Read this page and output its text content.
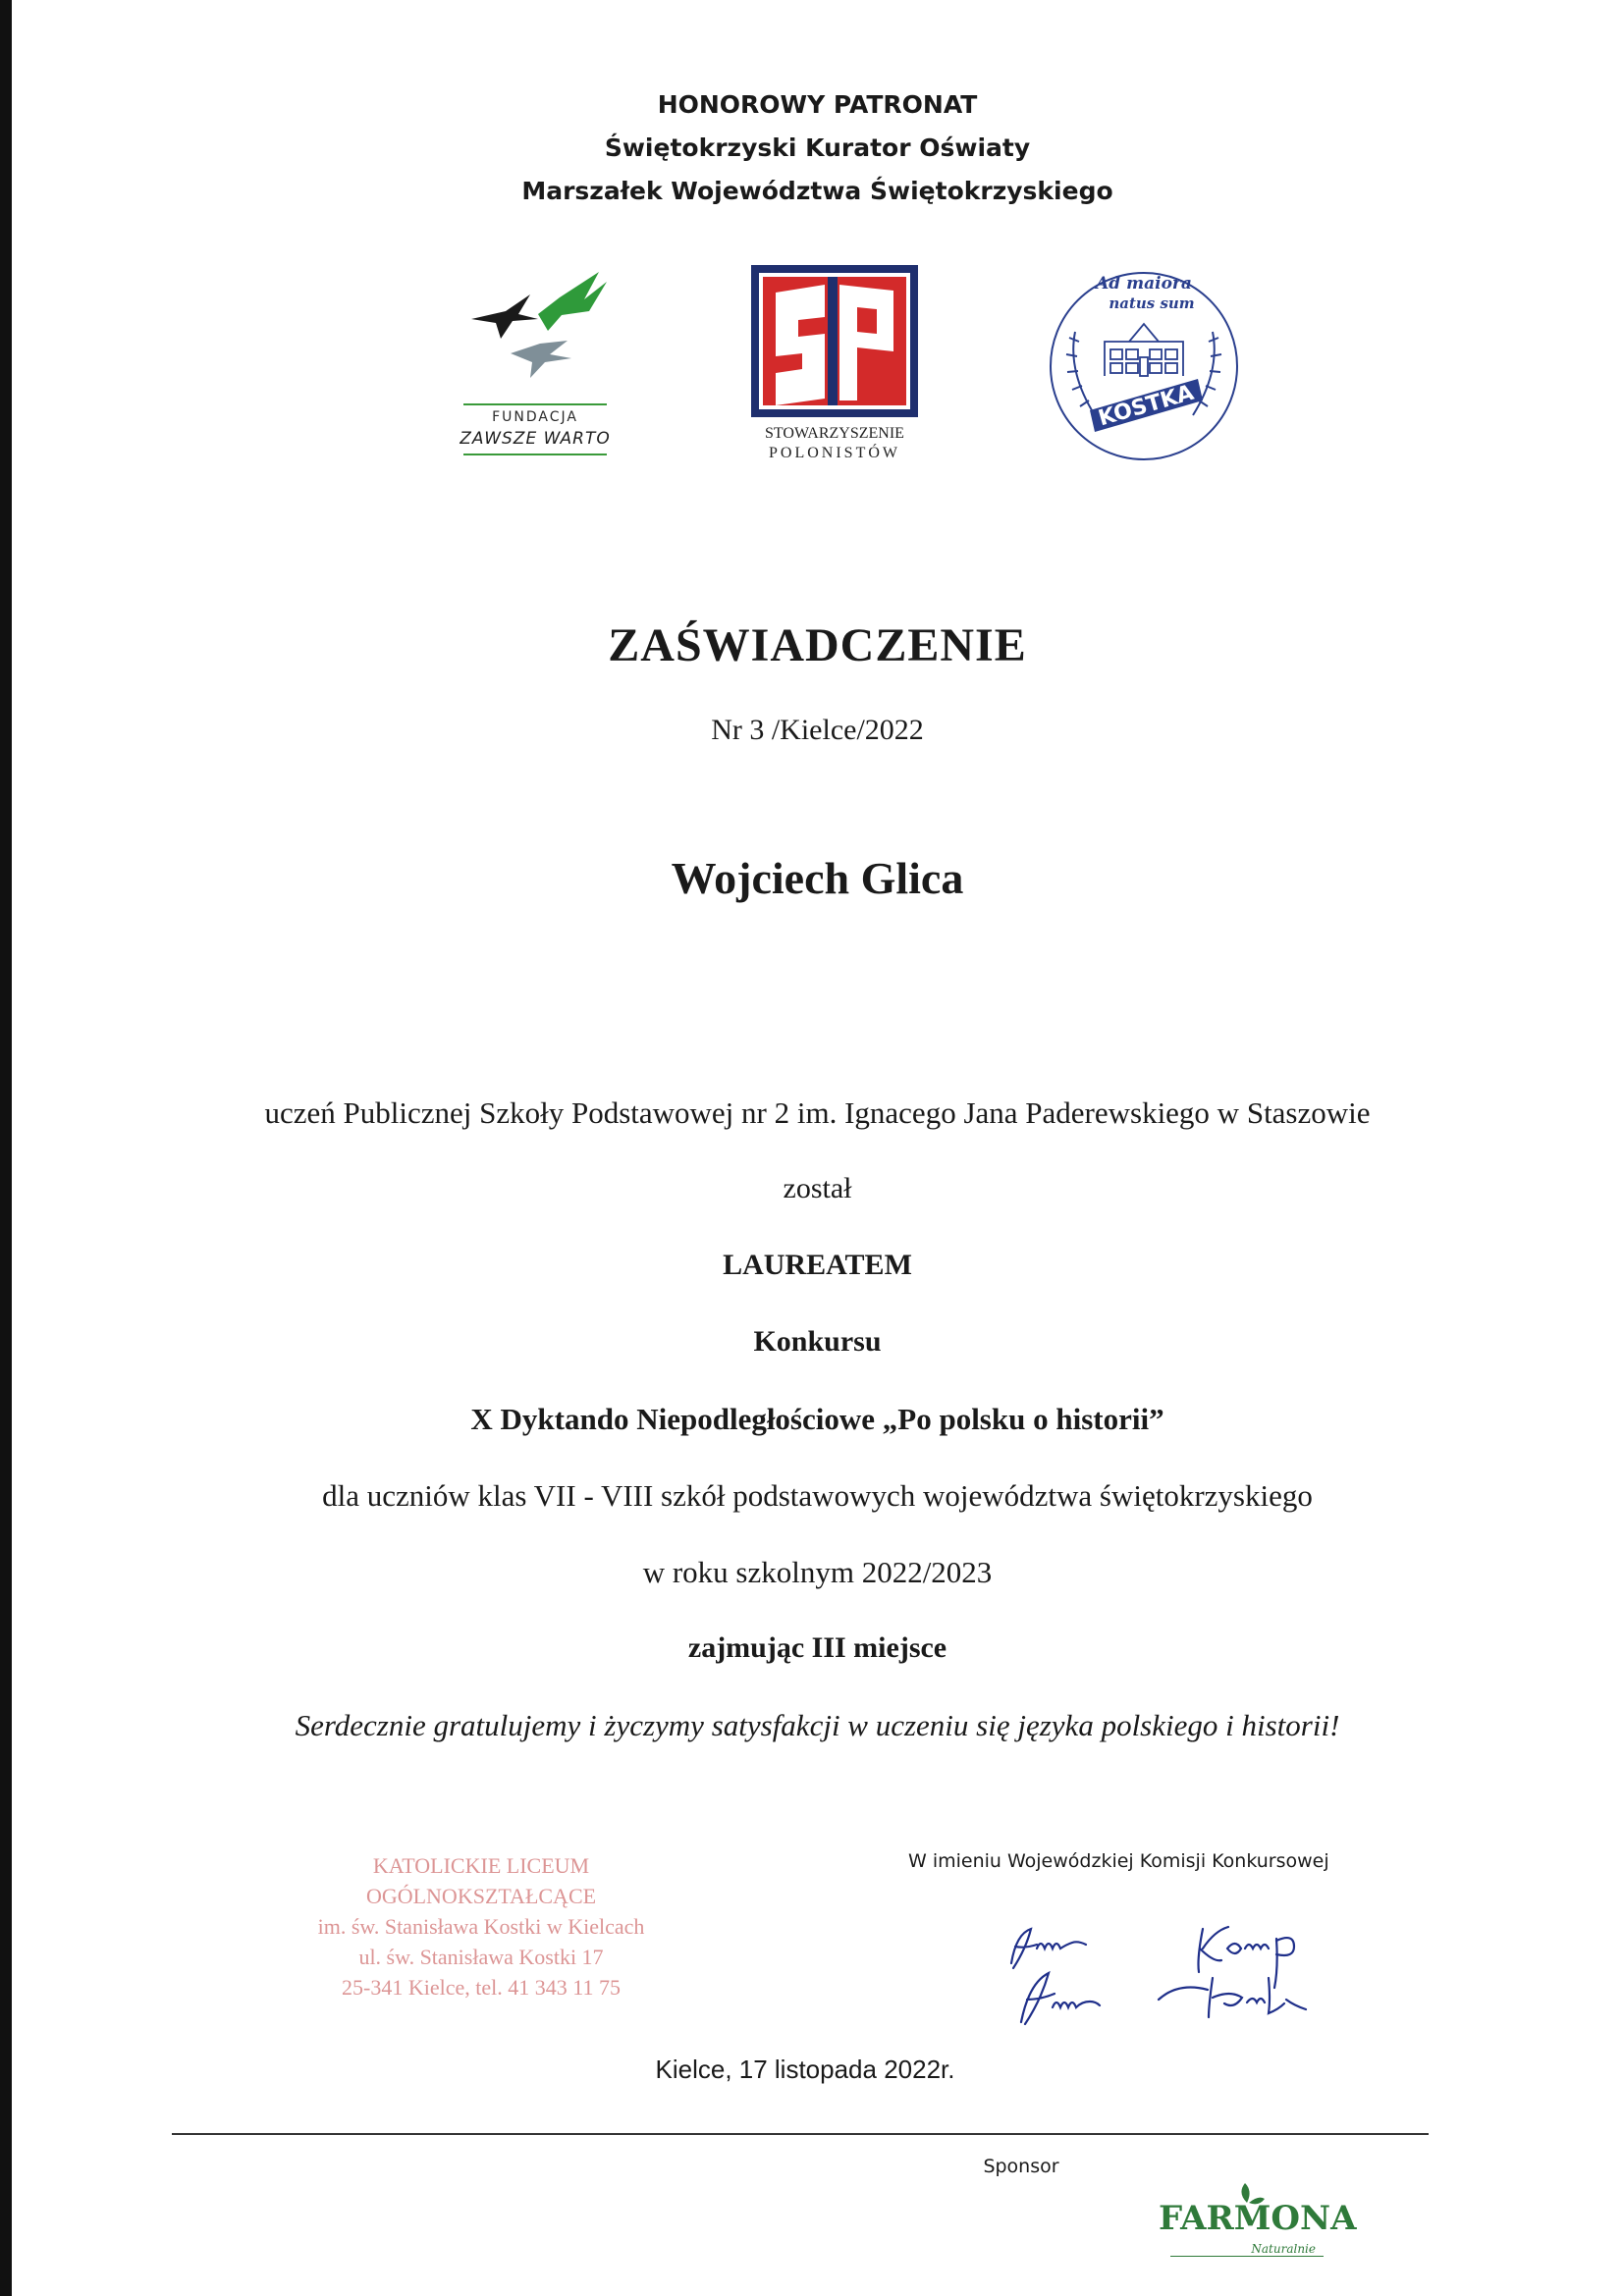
HONOROWY PATRONAT
Świętokrzyski Kurator Oświaty
Marszałek Województwa Świętokrzyskiego
FUNDACJA
ZAWSZE WARTO	STOWARZYSZENIE
POLONISTÓW
Ad maiora
natus sum
KOSTKA
ZAŚWIADCZENIE
Nr 3 /Kielce/2022
Wojciech Glica
uczeń Publicznej Szkoły Podstawowej nr 2 im. Ignacego Jana Paderewskiego w Staszowie
został
LAUREATEM
Konkursu
X Dyktando Niepodległościowe „Po polsku o historii”
dla uczniów klas VII - VIII szkół podstawowych województwa świętokrzyskiego
w roku szkolnym 2022/2023
zajmując III miejsce
Serdecznie gratulujemy i życzymy satysfakcji w uczeniu się języka polskiego i historii!
KATOLICKIE LICEUM OGÓLNOKSZTAŁCĄCE
im. św. Stanisława Kostki w Kielcach
ul. św. Stanisława Kostki 17
25-341 Kielce, tel. 41 343 11 75
W imieniu Wojewódzkiej Komisji Konkursowej
Kielce, 17 listopada 2022r.
Sponsor
FARMONA
Naturalnie
